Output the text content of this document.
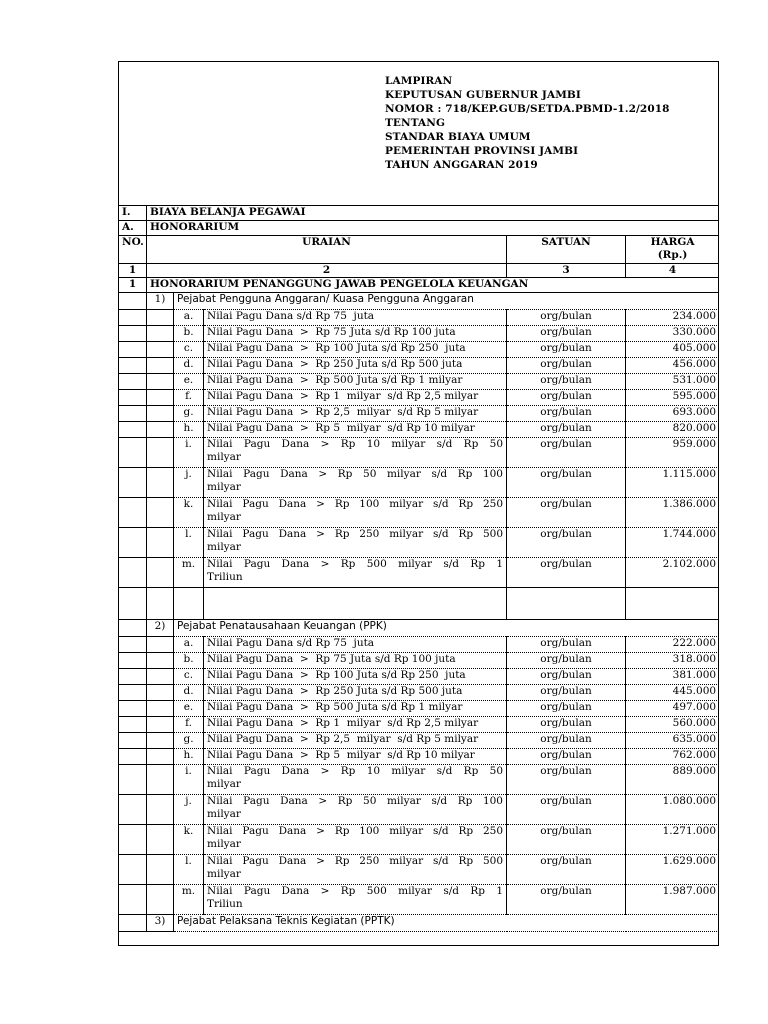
LAMPIRAN
KEPUTUSAN GUBERNUR JAMBI
NOMOR : 718/KEP.GUB/SETDA.PBMD-1.2/2018
TENTANG
STANDAR BIAYA UMUM
PEMERINTAH PROVINSI JAMBI
TAHUN ANGGARAN 2019
I.	BIAYA BELANJA PEGAWAI				
A.	HONORARIUM				
NO.	URAIAN			SATUAN	HARGA (Rp.)
1	2			3	4
1	HONORARIUM PENANGGUNG JAWAB PENGELOLA KEUANGAN				
	1)	Pejabat Pengguna Anggaran/ Kuasa Pengguna Anggaran			
		a.	Nilai Pagu Dana s/d Rp 75  juta	org/bulan	234.000
		b.	Nilai Pagu Dana  >  Rp 75 Juta s/d Rp 100 juta	org/bulan	330.000
		c.	Nilai Pagu Dana  >  Rp 100 Juta s/d Rp 250  juta	org/bulan	405.000
		d.	Nilai Pagu Dana  >  Rp 250 Juta s/d Rp 500 juta	org/bulan	456.000
		e.	Nilai Pagu Dana  >  Rp 500 Juta s/d Rp 1 milyar	org/bulan	531.000
		f.	Nilai Pagu Dana  >  Rp 1  milyar  s/d Rp 2,5 milyar	org/bulan	595.000
		g.	Nilai Pagu Dana  >  Rp 2,5  milyar  s/d Rp 5 milyar	org/bulan	693.000
		h.	Nilai Pagu Dana  >  Rp 5  milyar  s/d Rp 10 milyar	org/bulan	820.000
		i.	Nilai Pagu Dana > Rp 10 milyar s/d Rp 50
milyar	org/bulan	959.000
		j.	Nilai Pagu Dana > Rp 50 milyar s/d Rp 100
milyar	org/bulan	1.115.000
		k.	Nilai Pagu Dana > Rp 100 milyar s/d Rp 250
milyar	org/bulan	1.386.000
		l.	Nilai Pagu Dana > Rp 250 milyar s/d Rp 500
milyar	org/bulan	1.744.000
		m.	Nilai Pagu Dana > Rp 500 milyar s/d Rp 1
Triliun	org/bulan	2.102.000

	2)	Pejabat Penatausahaan Keuangan (PPK)			
		a.	Nilai Pagu Dana s/d Rp 75  juta	org/bulan	222.000
		b.	Nilai Pagu Dana  >  Rp 75 Juta s/d Rp 100 juta	org/bulan	318.000
		c.	Nilai Pagu Dana  >  Rp 100 Juta s/d Rp 250  juta	org/bulan	381.000
		d.	Nilai Pagu Dana  >  Rp 250 Juta s/d Rp 500 juta	org/bulan	445.000
		e.	Nilai Pagu Dana  >  Rp 500 Juta s/d Rp 1 milyar	org/bulan	497.000
		f.	Nilai Pagu Dana  >  Rp 1  milyar  s/d Rp 2,5 milyar	org/bulan	560.000
		g.	Nilai Pagu Dana  >  Rp 2,5  milyar  s/d Rp 5 milyar	org/bulan	635.000
		h.	Nilai Pagu Dana  >  Rp 5  milyar  s/d Rp 10 milyar	org/bulan	762.000
		i.	Nilai Pagu Dana > Rp 10 milyar s/d Rp 50
milyar	org/bulan	889.000
		j.	Nilai Pagu Dana > Rp 50 milyar s/d Rp 100
milyar	org/bulan	1.080.000
		k.	Nilai Pagu Dana > Rp 100 milyar s/d Rp 250
milyar	org/bulan	1.271.000
		l.	Nilai Pagu Dana > Rp 250 milyar s/d Rp 500
milyar	org/bulan	1.629.000
		m.	Nilai Pagu Dana > Rp 500 milyar s/d Rp 1
Triliun	org/bulan	1.987.000
	3)	Pejabat Pelaksana Teknis Kegiatan (PPTK)			
